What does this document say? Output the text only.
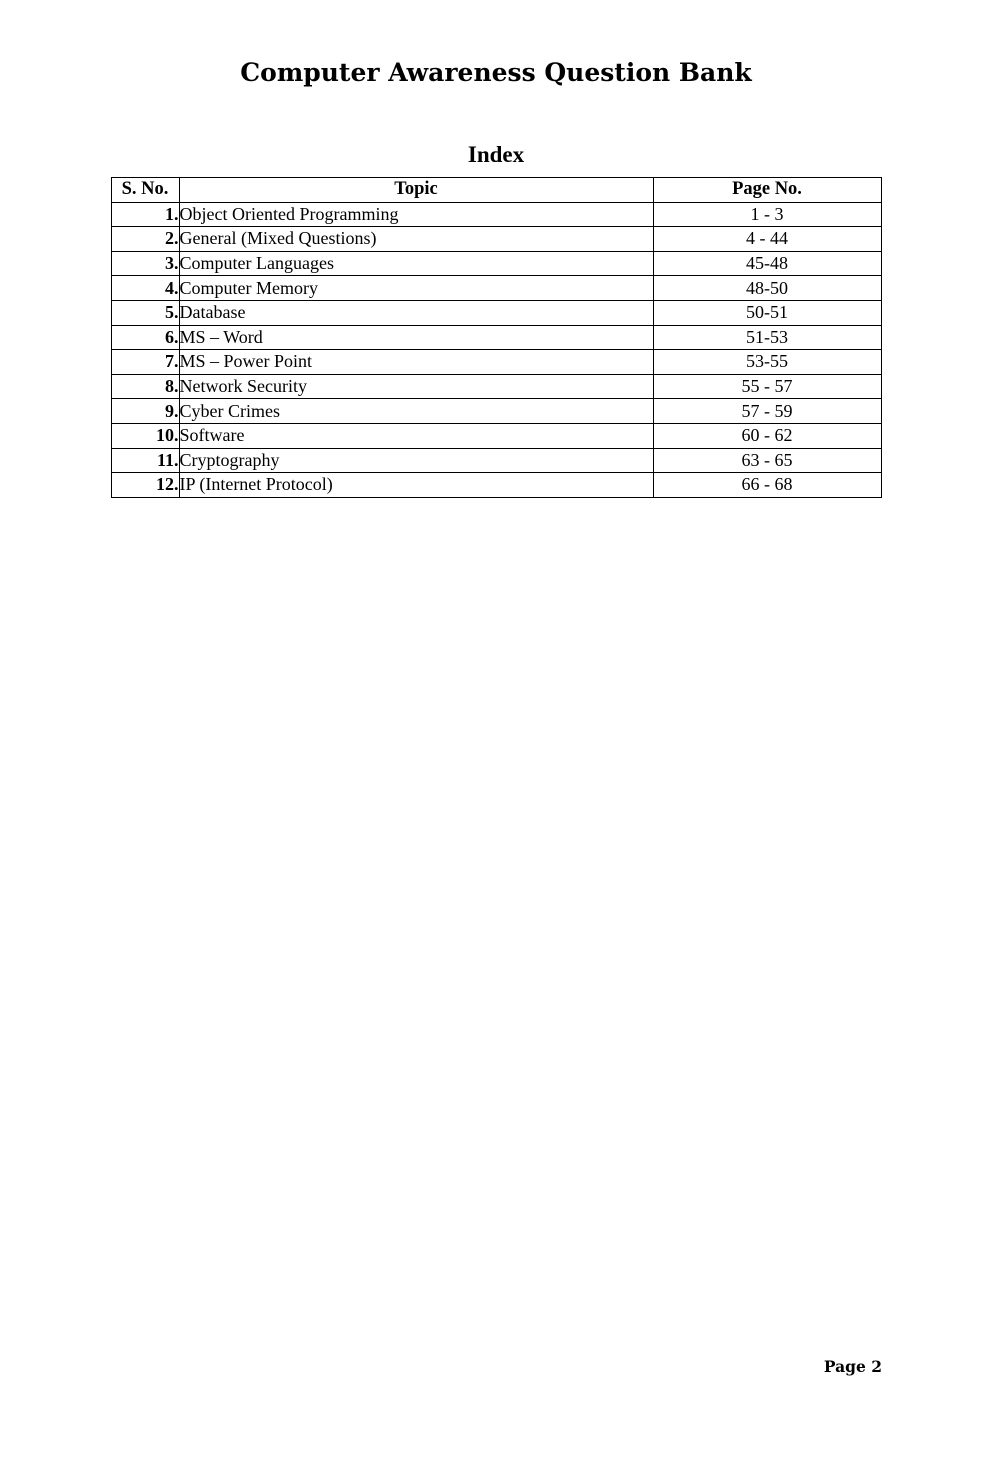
Computer Awareness Question Bank
Index
S. No.	Topic	Page No.
1.	Object Oriented Programming	1 - 3
2.	General (Mixed Questions)	4 - 44
3.	Computer Languages	45-48
4.	Computer Memory	48-50
5.	Database	50-51
6.	MS – Word	51-53
7.	MS – Power Point	53-55
8.	Network Security	55 - 57
9.	Cyber Crimes	57 - 59
10.	Software	60 - 62
11.	Cryptography	63 - 65
12.	IP (Internet Protocol)	66 - 68
Page 2
